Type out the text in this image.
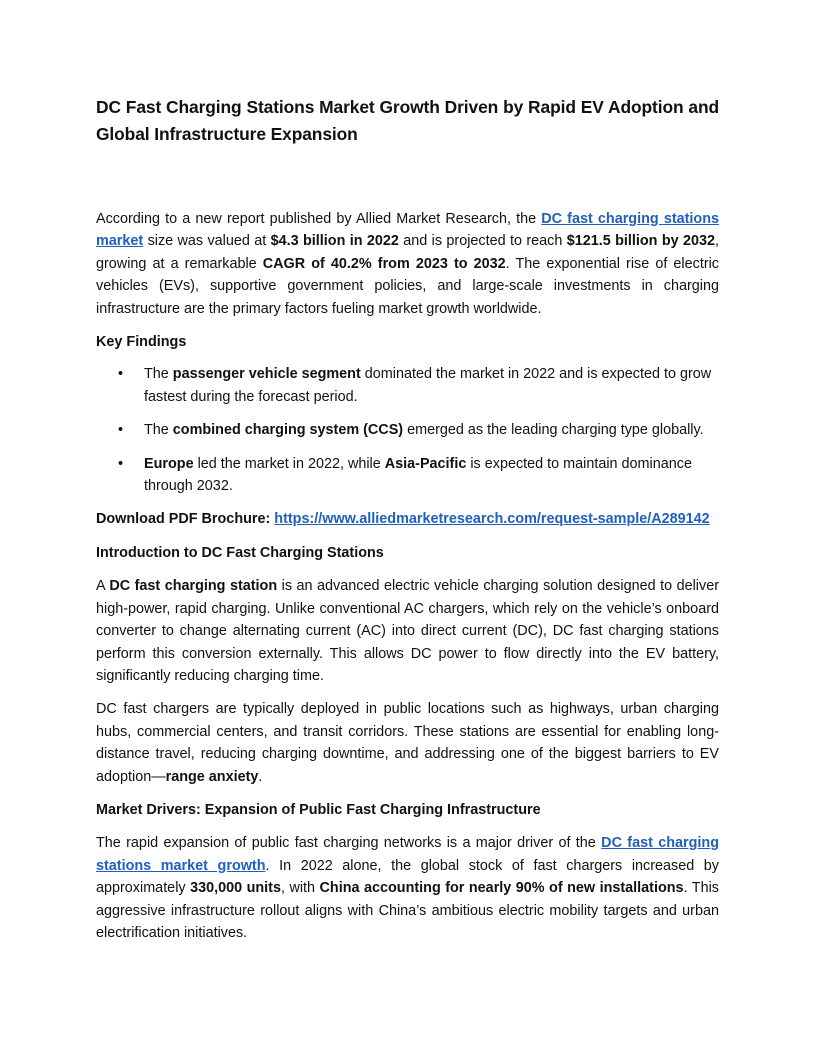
DC Fast Charging Stations Market Growth Driven by Rapid EV Adoption and
Global Infrastructure Expansion

According to a new report published by Allied Market Research, the DC fast charging stations market size was valued at $4.3 billion in 2022 and is projected to reach $121.5 billion by 2032, growing at a remarkable CAGR of 40.2% from 2023 to 2032. The exponential rise of electric vehicles (EVs), supportive government policies, and large-scale investments in charging infrastructure are the primary factors fueling market growth worldwide.

Key Findings

• The passenger vehicle segment dominated the market in 2022 and is expected to grow fastest during the forecast period.
• The combined charging system (CCS) emerged as the leading charging type globally.
• Europe led the market in 2022, while Asia-Pacific is expected to maintain dominance through 2032.

Download PDF Brochure: https://www.alliedmarketresearch.com/request-sample/A289142

Introduction to DC Fast Charging Stations

A DC fast charging station is an advanced electric vehicle charging solution designed to deliver high-power, rapid charging. Unlike conventional AC chargers, which rely on the vehicle’s onboard converter to change alternating current (AC) into direct current (DC), DC fast charging stations perform this conversion externally. This allows DC power to flow directly into the EV battery, significantly reducing charging time.

DC fast chargers are typically deployed in public locations such as highways, urban charging hubs, commercial centers, and transit corridors. These stations are essential for enabling long-distance travel, reducing charging downtime, and addressing one of the biggest barriers to EV adoption—range anxiety.

Market Drivers: Expansion of Public Fast Charging Infrastructure

The rapid expansion of public fast charging networks is a major driver of the DC fast charging stations market growth. In 2022 alone, the global stock of fast chargers increased by approximately 330,000 units, with China accounting for nearly 90% of new installations. This aggressive infrastructure rollout aligns with China’s ambitious electric mobility targets and urban electrification initiatives.
